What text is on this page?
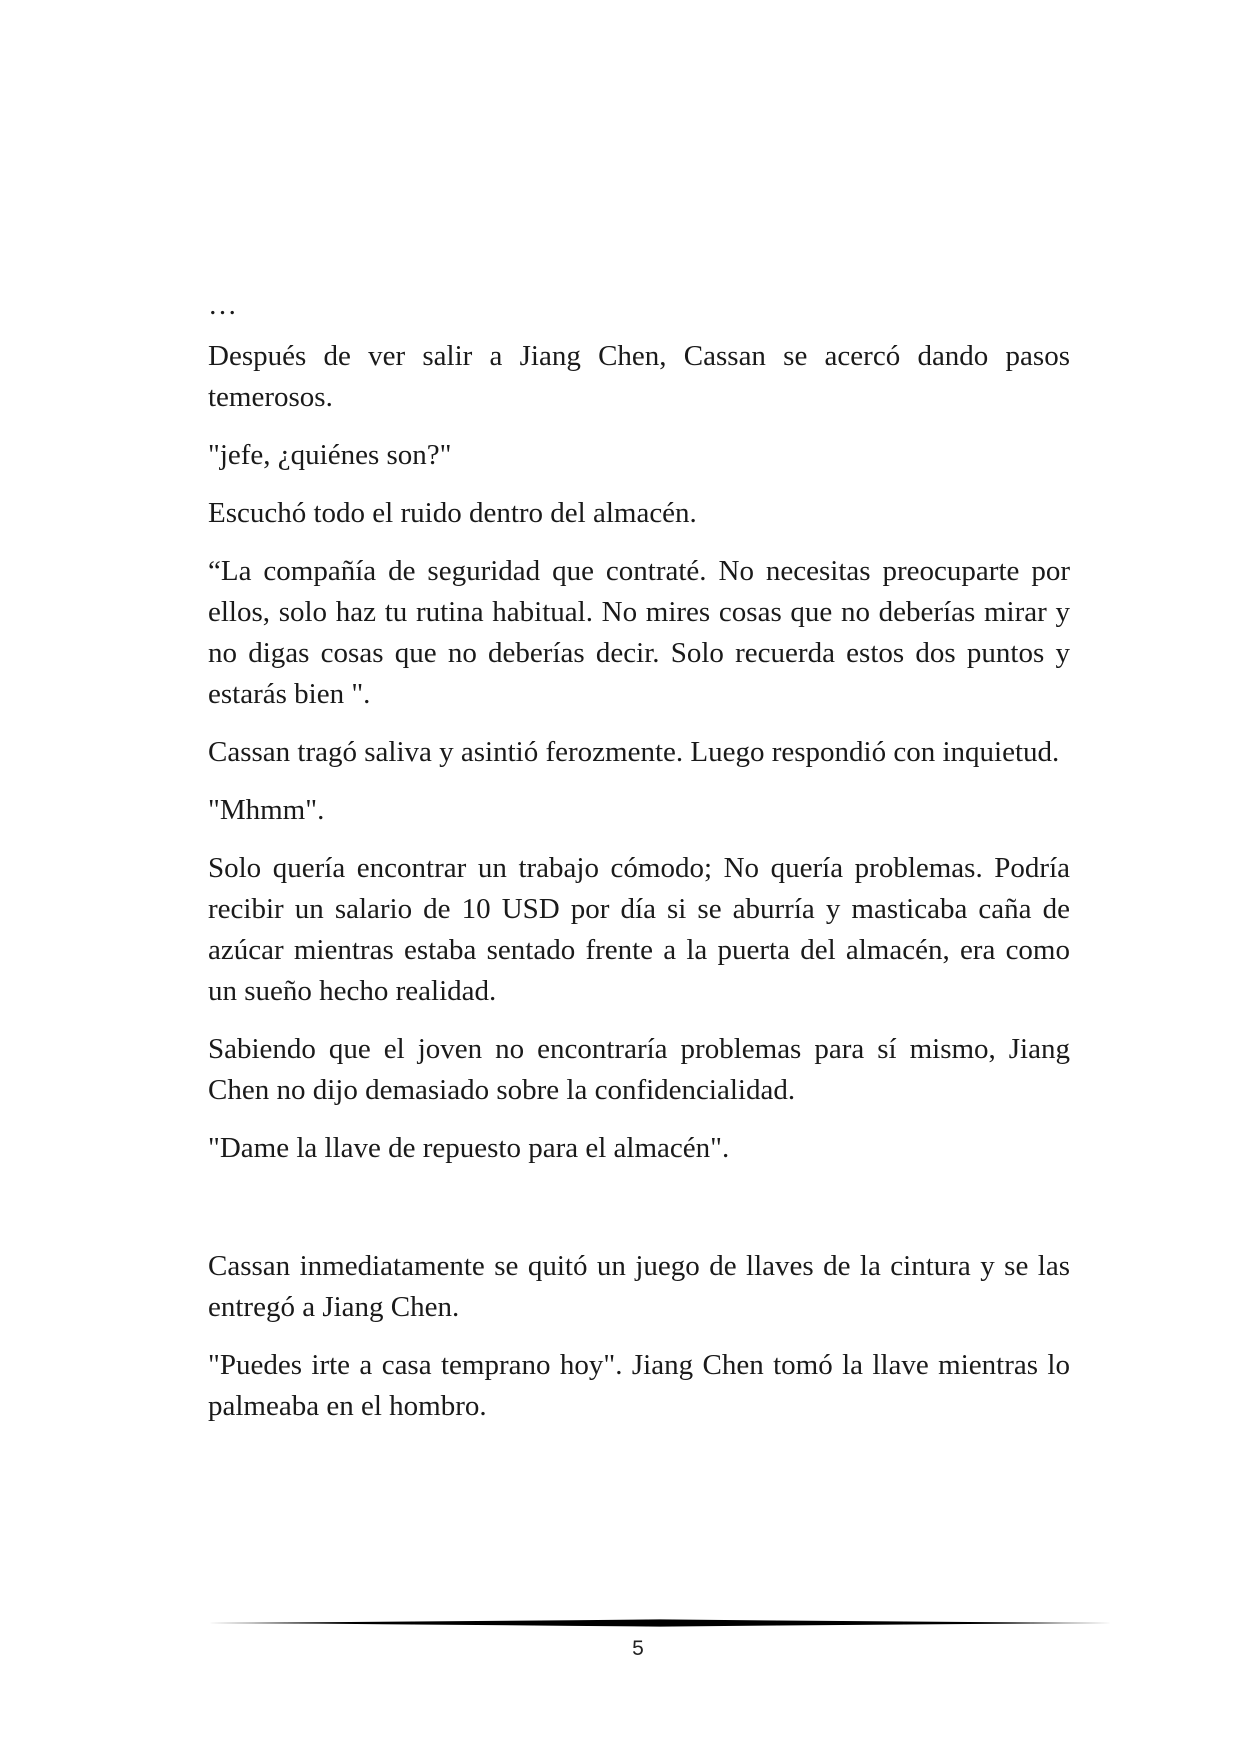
…

Después de ver salir a Jiang Chen, Cassan se acercó dando pasos temerosos.

"jefe, ¿quiénes son?"

Escuchó todo el ruido dentro del almacén.

“La compañía de seguridad que contraté. No necesitas preocuparte por ellos, solo haz tu rutina habitual. No mires cosas que no deberías mirar y no digas cosas que no deberías decir. Solo recuerda estos dos puntos y estarás bien ".

Cassan tragó saliva y asintió ferozmente. Luego respondió con inquietud.

"Mhmm".

Solo quería encontrar un trabajo cómodo; No quería problemas. Podría recibir un salario de 10 USD por día si se aburría y masticaba caña de azúcar mientras estaba sentado frente a la puerta del almacén, era como un sueño hecho realidad.

Sabiendo que el joven no encontraría problemas para sí mismo, Jiang Chen no dijo demasiado sobre la confidencialidad.

"Dame la llave de repuesto para el almacén".

Cassan inmediatamente se quitó un juego de llaves de la cintura y se las entregó a Jiang Chen.

"Puedes irte a casa temprano hoy". Jiang Chen tomó la llave mientras lo palmeaba en el hombro.

5
